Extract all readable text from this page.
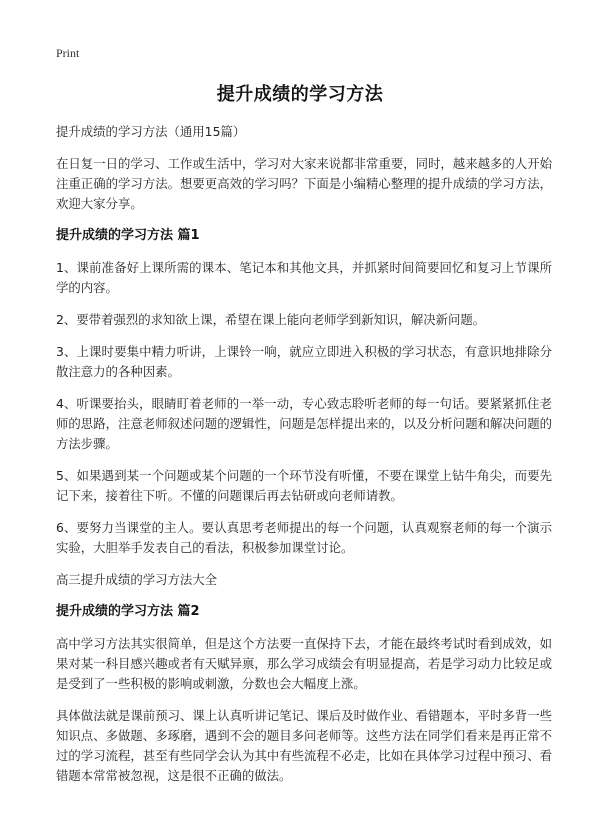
Print
提升成绩的学习方法

提升成绩的学习方法（通用15篇）

在日复一日的学习、工作或生活中，学习对大家来说都非常重要，同时，越来越多的人开始注重正确的学习方法。想要更高效的学习吗？下面是小编精心整理的提升成绩的学习方法，欢迎大家分享。

提升成绩的学习方法 篇1

1、课前准备好上课所需的课本、笔记本和其他文具，并抓紧时间简要回忆和复习上节课所学的内容。

2、要带着强烈的求知欲上课，希望在课上能向老师学到新知识，解决新问题。

3、上课时要集中精力听讲，上课铃一响，就应立即进入积极的学习状态，有意识地排除分散注意力的各种因素。

4、听课要抬头，眼睛盯着老师的一举一动，专心致志聆听老师的每一句话。要紧紧抓住老师的思路，注意老师叙述问题的逻辑性，问题是怎样提出来的，以及分析问题和解决问题的方法步骤。

5、如果遇到某一个问题或某个问题的一个环节没有听懂，不要在课堂上钻牛角尖，而要先记下来，接着往下听。不懂的问题课后再去钻研或向老师请教。

6、要努力当课堂的主人。要认真思考老师提出的每一个问题，认真观察老师的每一个演示实验，大胆举手发表自己的看法，积极参加课堂讨论。

高三提升成绩的学习方法大全

提升成绩的学习方法 篇2

高中学习方法其实很简单，但是这个方法要一直保持下去，才能在最终考试时看到成效，如果对某一科目感兴趣或者有天赋异禀，那么学习成绩会有明显提高，若是学习动力比较足或是受到了一些积极的影响或刺激，分数也会大幅度上涨。

具体做法就是课前预习、课上认真听讲记笔记、课后及时做作业、看错题本，平时多背一些知识点、多做题、多琢磨，遇到不会的题目多问老师等。这些方法在同学们看来是再正常不过的学习流程，甚至有些同学会认为其中有些流程不必走，比如在具体学习过程中预习、看错题本常常被忽视，这是很不正确的做法。
